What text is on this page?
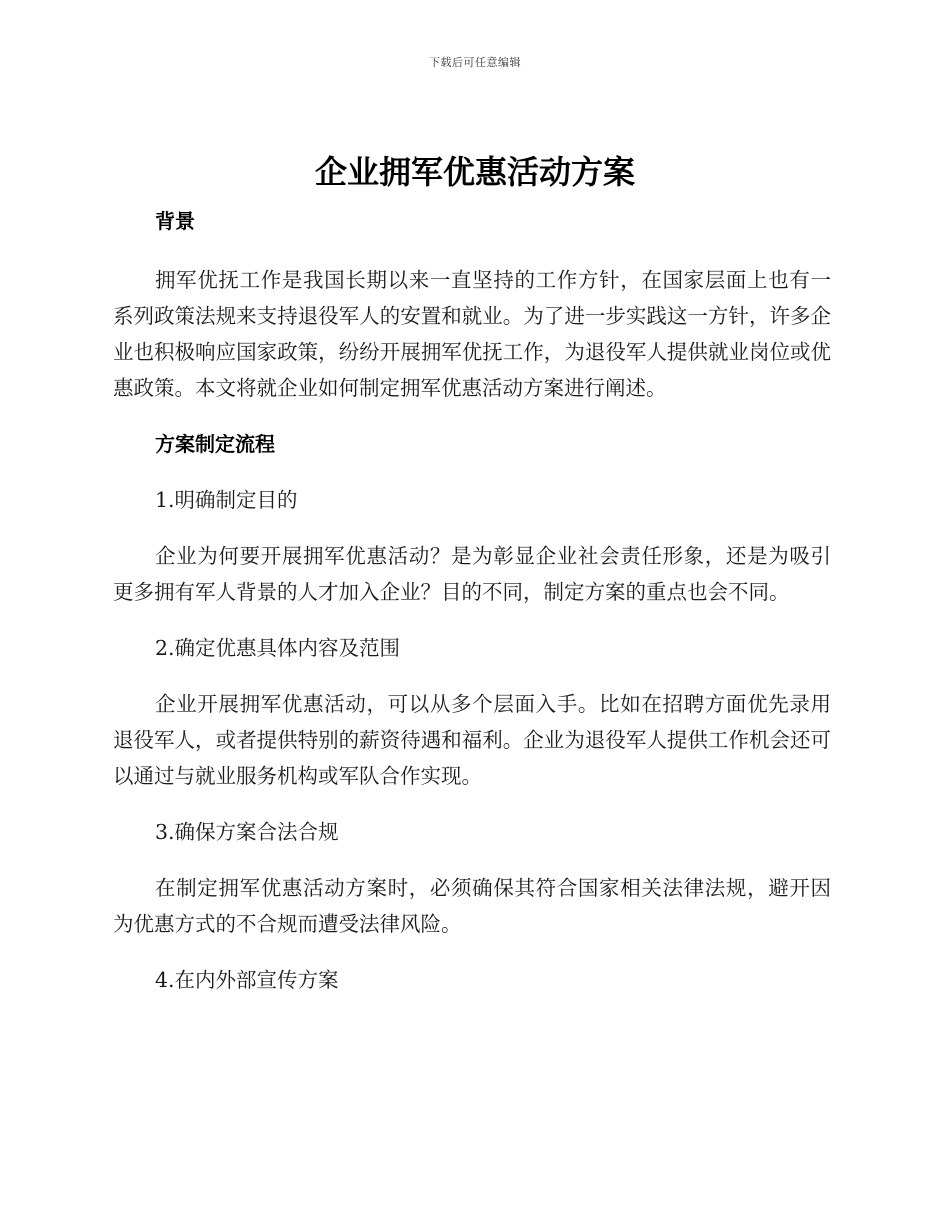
下载后可任意编辑
企业拥军优惠活动方案

背景

拥军优抚工作是我国长期以来一直坚持的工作方针，在国家层面上也有一系列政策法规来支持退役军人的安置和就业。为了进一步实践这一方针，许多企业也积极响应国家政策，纷纷开展拥军优抚工作，为退役军人提供就业岗位或优惠政策。本文将就企业如何制定拥军优惠活动方案进行阐述。

方案制定流程

1.明确制定目的

企业为何要开展拥军优惠活动？是为彰显企业社会责任形象，还是为吸引更多拥有军人背景的人才加入企业？目的不同，制定方案的重点也会不同。

2.确定优惠具体内容及范围

企业开展拥军优惠活动，可以从多个层面入手。比如在招聘方面优先录用退役军人，或者提供特别的薪资待遇和福利。企业为退役军人提供工作机会还可以通过与就业服务机构或军队合作实现。

3.确保方案合法合规

在制定拥军优惠活动方案时，必须确保其符合国家相关法律法规，避开因为优惠方式的不合规而遭受法律风险。

4.在内外部宣传方案
